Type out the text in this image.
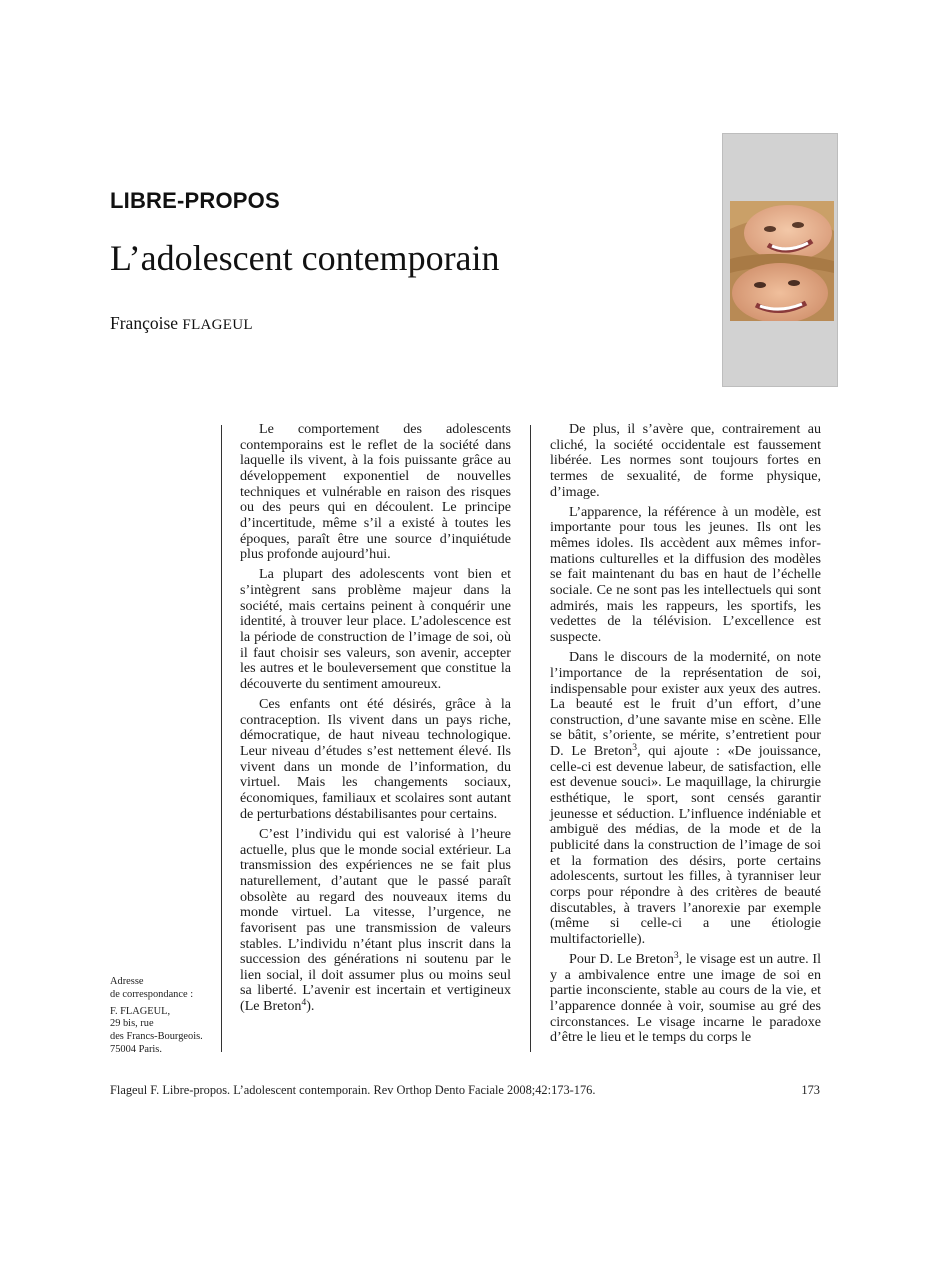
LIBRE-PROPOS
L’adolescent contemporain
Françoise FLAGEUL

Le comportement des adolescents contemporains est le reflet de la société dans laquelle ils vivent, à la fois puissante grâce au développement exponentiel de nouvelles techniques et vulnérable en raison des risques ou des peurs qui en découlent. Le principe d’incertitude, même s’il a existé à toutes les époques, paraît être une source d’inquiétude plus profonde aujourd’hui.

La plupart des adolescents vont bien et s’intègrent sans problème majeur dans la société, mais certains peinent à conquérir une identité, à trouver leur place. L’adolescence est la période de construction de l’image de soi, où il faut choisir ses valeurs, son avenir, accepter les autres et le bouleversement que constitue la découverte du sentiment amoureux.

Ces enfants ont été désirés, grâce à la contraception. Ils vivent dans un pays riche, démocratique, de haut niveau technologique. Leur niveau d’études s’est nettement élevé. Ils vivent dans un monde de l’information, du virtuel. Mais les changements sociaux, économiques, familiaux et scolaires sont autant de perturbations déstabilisantes pour certains.

C’est l’individu qui est valorisé à l’heure actuelle, plus que le monde social extérieur. La transmission des expériences ne se fait plus naturellement, d’autant que le passé paraît obsolète au regard des nouveaux items du monde virtuel. La vitesse, l’urgence, ne favorisent pas une transmission de valeurs stables. L’individu n’étant plus inscrit dans la succession des générations ni soutenu par le lien social, il doit assumer plus ou moins seul sa liberté. L’avenir est incertain et vertigineux (Le Breton$^4$).

De plus, il s’avère que, contrairement au cliché, la société occidentale est faussement libérée. Les normes sont toujours fortes en termes de sexualité, de forme physique, d’image.

L’apparence, la référence à un modèle, est importante pour tous les jeunes. Ils ont les mêmes idoles. Ils accèdent aux mêmes informations culturelles et la diffusion des modèles se fait maintenant du bas en haut de l’échelle sociale. Ce ne sont pas les intellectuels qui sont admirés, mais les rappeurs, les sportifs, les vedettes de la télévision. L’excellence est suspecte.

Dans le discours de la modernité, on note l’importance de la représentation de soi, indispensable pour exister aux yeux des autres. La beauté est le fruit d’un effort, d’une construction, d’une savante mise en scène. Elle se bâtit, s’oriente, se mérite, s’entretient pour D. Le Breton$^3$, qui ajoute : «De jouissance, celle-ci est devenue labeur, de satisfaction, elle est devenue souci». Le maquillage, la chirurgie esthétique, le sport, sont censés garantir jeunesse et séduction. L’influence indéniable et ambiguë des médias, de la mode et de la publicité dans la construction de l’image de soi et la formation des désirs, porte certains adolescents, surtout les filles, à tyranniser leur corps pour répondre à des critères de beauté discutables, à travers l’anorexie par exemple (même si celle-ci a une étiologie multifactorielle).

Pour D. Le Breton$^3$, le visage est un autre. Il y a ambivalence entre une image de soi en partie inconsciente, stable au cours de la vie, et l’apparence donnée à voir, soumise au gré des circonstances. Le visage incarne le paradoxe d’être le lieu et le temps du corps le

Adresse
de correspondance :
F. FLAGEUL,
29 bis, rue
des Francs-Bourgeois.
75004 Paris.
Flageul F. Libre-propos. L’adolescent contemporain. Rev Orthop Dento Faciale 2008;42:173-176.	173
